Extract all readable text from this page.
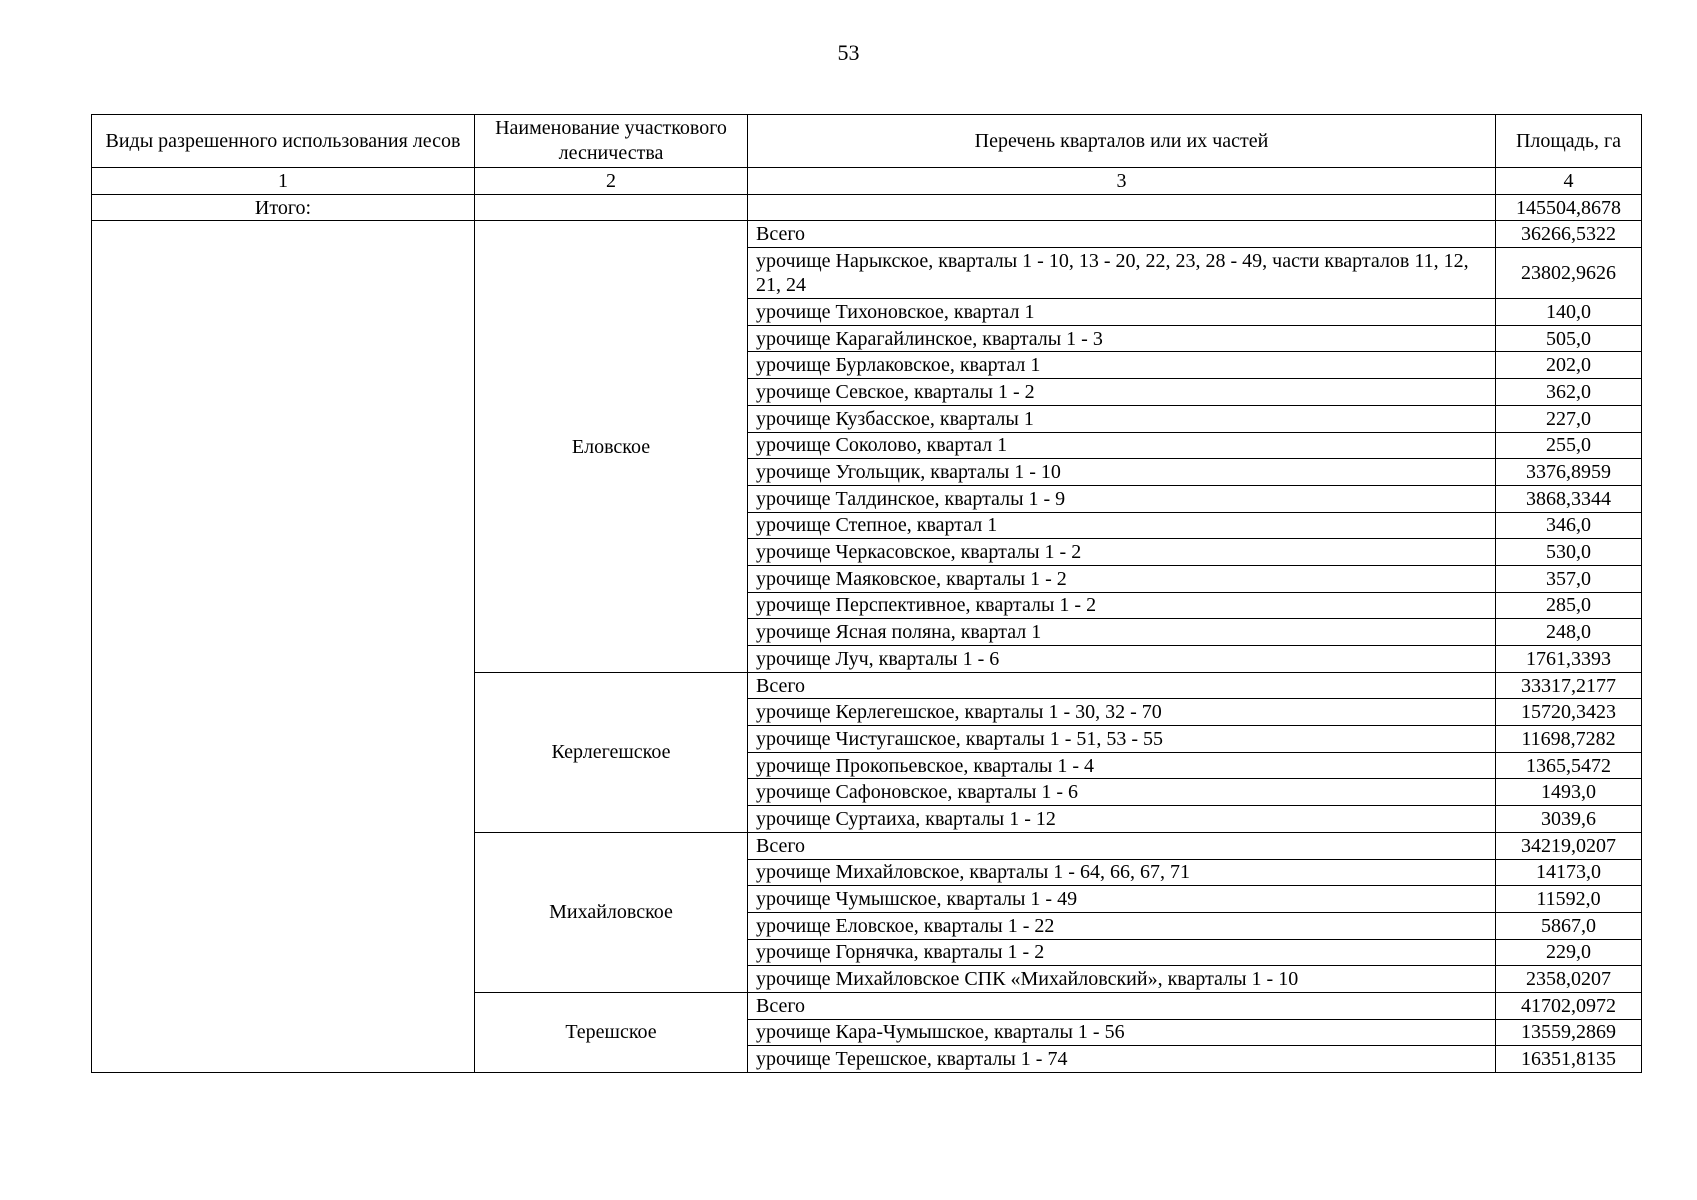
53
Виды разрешенного использования лесов	Наименование участкового лесничества	Перечень кварталов или их частей	Площадь, га
1	2	3	4
Итого:			145504,8678
	Еловское	Всего	36266,5322
		урочище Нарыкское, кварталы 1 - 10, 13 - 20, 22, 23, 28 - 49, части кварталов 11, 12, 21, 24	23802,9626
		урочище Тихоновское, квартал 1	140,0
		урочище Карагайлинское, кварталы 1 - 3	505,0
		урочище Бурлаковское, квартал 1	202,0
		урочище Севское, кварталы 1 - 2	362,0
		урочище Кузбасское, кварталы 1	227,0
		урочище Соколово, квартал 1	255,0
		урочище Угольщик, кварталы 1 - 10	3376,8959
		урочище Талдинское, кварталы 1 - 9	3868,3344
		урочище Степное, квартал 1	346,0
		урочище Черкасовское, кварталы 1 - 2	530,0
		урочище Маяковское, кварталы 1 - 2	357,0
		урочище Перспективное, кварталы 1 - 2	285,0
		урочище Ясная поляна, квартал 1	248,0
		урочище Луч, кварталы 1 - 6	1761,3393
	Керлегешское	Всего	33317,2177
		урочище Керлегешское, кварталы 1 - 30, 32 - 70	15720,3423
		урочище Чистугашское, кварталы 1 - 51, 53 - 55	11698,7282
		урочище Прокопьевское, кварталы 1 - 4	1365,5472
		урочище Сафоновское, кварталы 1 - 6	1493,0
		урочище Суртаиха, кварталы 1 - 12	3039,6
	Михайловское	Всего	34219,0207
		урочище Михайловское, кварталы 1 - 64, 66, 67, 71	14173,0
		урочище Чумышское, кварталы 1 - 49	11592,0
		урочище Еловское, кварталы 1 - 22	5867,0
		урочище Горнячка, кварталы 1 - 2	229,0
		урочище Михайловское СПК «Михайловский», кварталы 1 - 10	2358,0207
	Терешское	Всего	41702,0972
		урочище Кара-Чумышское, кварталы 1 - 56	13559,2869
		урочище Терешское, кварталы 1 - 74	16351,8135
